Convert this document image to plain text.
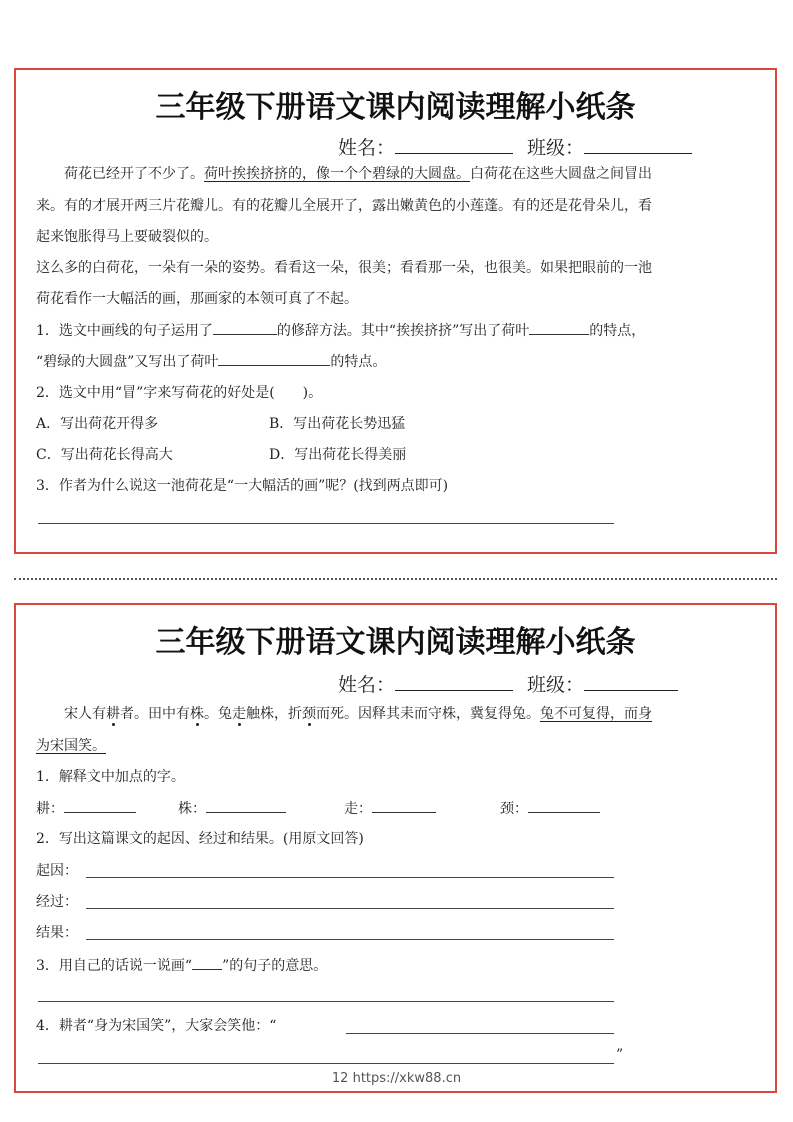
三年级下册语文课内阅读理解小纸条
姓名：	班级：
荷花已经开了不少了。荷叶挨挨挤挤的，像一个个碧绿的大圆盘。白荷花在这些大圆盘之间冒出
来。有的才展开两三片花瓣儿。有的花瓣儿全展开了，露出嫩黄色的小莲蓬。有的还是花骨朵儿，看
起来饱胀得马上要破裂似的。
这么多的白荷花，一朵有一朵的姿势。看看这一朵，很美；看看那一朵，也很美。如果把眼前的一池
荷花看作一大幅活的画，那画家的本领可真了不起。
1．选文中画线的句子运用了	的修辞方法。其中“挨挨挤挤”写出了荷叶	的特点，
“碧绿的大圆盘”又写出了荷叶	的特点。
2．选文中用“冒”字来写荷花的好处是(　　)。
A．写出荷花开得多	B．写出荷花长势迅猛
C．写出荷花长得高大	D．写出荷花长得美丽
3．作者为什么说这一池荷花是“一大幅活的画”呢？(找到两点即可)
三年级下册语文课内阅读理解小纸条
姓名：	班级：
宋人有耕者。田中有株。兔走触株，折颈而死。因释其耒而守株，冀复得兔。兔不可复得，而身
为宋国笑。
1．解释文中加点的字。
耕：	株：	走：	颈：
2．写出这篇课文的起因、经过和结果。(用原文回答)
起因：
经过：
结果：
3．用自己的话说一说画“ ”的句子的意思。
4．耕者“身为宋国笑”，大家会笑他：“
”
12 https://xkw88.cn
